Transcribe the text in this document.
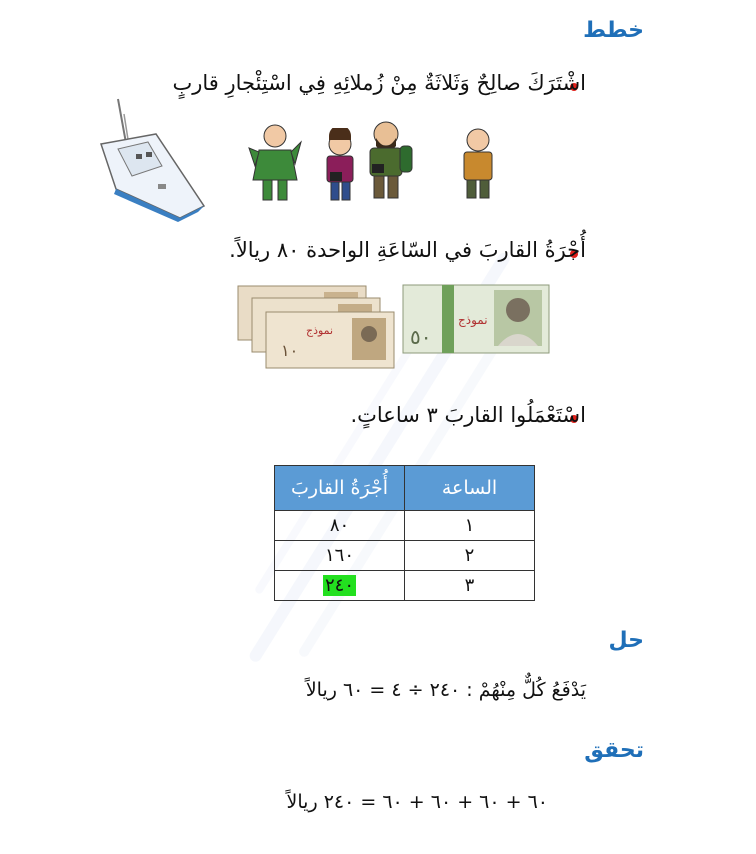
خطط
اشْتَرَكَ صالِحٌ وَثَلاثَةٌ مِنْ زُملائِهِ فِي اسْتِئْجارِ قاربٍ
أُجْرَةُ القاربَ في السّاعَةِ الواحدة ٨٠ ريالاً.
١٠
نموذج	٥٠
نموذج
اسْتَعْمَلُوا القاربَ ٣ ساعاتٍ.
الساعة	أُجْرَةُ القاربَ
١	٨٠
٢	١٦٠
٣	٢٤٠
حل
يَدْفَعُ كُلٌّ مِنْهُمْ : ٢٤٠ ÷ ٤ = ٦٠ ريالاً
تحقق
٦٠ + ٦٠ + ٦٠ + ٦٠ = ٢٤٠ ريالاً
